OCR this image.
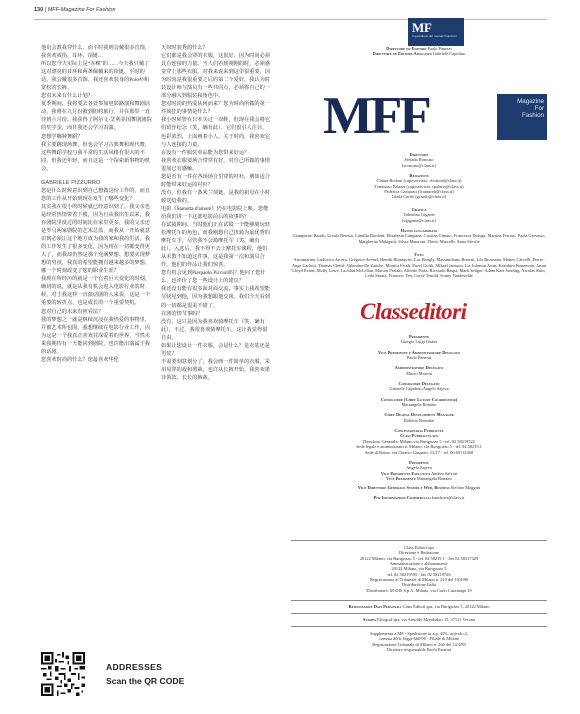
130 | MFF-Magazine For Fashion
MF
Il quotidiano dei mercati finanziari

他们会教我穿什么、而平时我则会戴很多首饰，我喜欢戒指、耳环、项链…

所以您今天实际上是“赤裸”的……今天我只戴了这对漂亮的耳环和两条佩戴来的项链。平时的话，我会戴很多首饰。我还喜欢装身的Polo衫和宽松的长裤。

您对未来有什么计划？

夏季期间，我将要去各处参加电影路演和舞剧活动，我将在九月份被到纽约旅行，并在那里一直待到六月份。我获得了阿尔文·艾利美国舞剧剧院的奖学金，而且我还会学习表演。

您想学哪种舞蹈？

我主要跳现场舞，但也会学习古典舞和现代舞，这些舞蹈学校与我平常的生活风格有很大的不同，但我还年轻，而且这是一个探索新事物的机会。

GABRIELE PIZZURRO

您是什么时候意识到自己想做这份工作的，而且您的工作从开始到现在发生了哪些变化？

其实我在很小的时候就已经意识到了，我父亲也是经常热情带着下模，因为自从我出生以来，我在剧院里度过的时间比在家里更多，我的父亲还是罗马两家剧院的艺术总监，而我从一开始就意识到必须让这个地方成为我的家和我的生活。我的工作发生了很多变化，因为现在一切都变得更大了，而我却仍然是那个充满梦想、想要实现梦想的男孩，我真的希望能拥有越来越多的梦想。

哪一个时刻改变了您的职业生涯？

我现在所经历的就是一个有着巨大变化的时刻，确切的说，就是从我有机会进入电影行业的时候，对于我这样一直演话剧的人来说，这是一个重要的转折点，也是成长的一个重要契机。

您对自己的未来有何看法？

我的梦想之一就是继续沉浸在我热爱的事物里，并被艺术所包围。我想继续在电影行业工作，因为这是一个我真正喜欢并深爱着的世界，当然未来我期待有一天能回到剧院，也许能出演属于我的话剧。

您喜欢时尚的什么？您最喜欢华伦

天奴时装秀的什么？

它们都是我会穿的衣服，这很好，因为时尚必须具有连接的力量。当人们看到刚刚的时，必须感觉穿上那些衣服。对我来说来到这里很重要，因为时尚是我很重要之后的第二个爱好，我认为时装设计师与演员有一些共同点，必须将自己的一部分融入到服装和角色中。

您对时尚的热爱从何而来？您为时尚所做的第一件疯狂的事情是什么？

我小时候曾在日本买过一双鞋，但现在我会将它们留作纪念（笑，确有此）。它们很引人注目，色彩浓烈，上面画着小人。关于时尚，我喜欢它与人连接的力量。

在没有一件服装单品能为您带来好运？

我喜欢衣服要场合带穿有好，对自己所做的事情很加已有感触。

您是否有一件在各场场合里穿的衬衫，例如适合时能带来好运的衬衫？

没有，但我有一条米兰项链，是我的祖母在小时候送给我的。

电影《Stanotta d'amore》仍在电影院上映。您能给我们讲一下这部电影前后的故事吗？

在试镜期间，当时他们正在试镜一个能够骑玩轻松摩托车的角色，而我刚想自己扭骑为最优秀的摩托车手，尽管我不会骑摩托车（笑，确有此）。入选后，我不得不去上摩托车课程，他们从未教不知道这件事，这是我第一次和演员合作，他们的作品让我们惊喜。

您有机会见到Pierpaolo Piccioli吗？他问了您什么，也评价了您一些设计上的建议？

我还没有能有很多面对面交流，事实上我希望能尽快见到他，因为我想跟他交谈。我们今天看到的一切都是很美不错了。

在剧的情节事吗？

没有，这只是因为我喜欢骑摩托车（笑，确有此）。不过，我很喜欢骑摩托车，这让我觉得很自由。

如果让您设计一件衣服，会是什么？是衣装还是男装？

不需要刻意划分了，我会画一件简单的衣服，采用易穿的戏和剪裁，也许从长裤开始。我喜欢墨菲领款、长长的裤裁。

ADDRESSES
Scan the QR CODE
Direttore ed Editore Paolo Panerai
Direttore ed Editore Associato Gabriele Capolino
MFF	Magazine
For
Fashion
Direttore
Stefano Roncato
(sroncato@class.it)
Redazione
Chiara Bottoni (caposervizio, cbottoni@class.it)
Tommaso Palazzi (caposervizio, tpalazzi@class.it)
Federica Camurati (fcamurati@class.it)
Giada Cardo (gcardo@class.it)
Grafica
Valentina Gigante
(vgigante@class.it)
Hanno collaborato
Giampietro Baudo, Ursula Beretta, Camilla Bordoni, Elisabetta Campana, Cristina Cimato, Francesca Delogu, Martina Ferraro, Paola Gervasio, Margherita Malagutti, Silvia Manzoni, Flavio Marcelli, Anna Servile
Foto
Astramarina, Ludovica Arcero, Grégoire Avenel, Henrik Blomqvist, Luc Boegly, Massimiliano Bonetti, Léa Brousean, Matteo Carcelli, Pierre-Ange Carlotti, Thomas Chéné, Valentina De Zanche, Monica Feudi, Pavel Golik, Mikael Jansson, Liz Johnson Artur, Kazuhiro Kanemoto, Jason Lloyd Evans, Molly Lowe, Lachlan McLellan, Marion Perlaki, Alfredo Piola, Riccardo Raspa, Mark Seliger, Adam Katz Sinding, Nicolas Sisto, Leila Smara, Francesc Ten, Corey Tenold, Sonny Vandevelde
Classeditori
Presidente
Giorgio Luigi Guatri
Vice Presidente e Amministratore Delegato
Paolo Panerai
Amministratore Delegato
Marco Moroni
Consigliere Delegato
Gabriele Capolino,Angelo Sajeva
Consigliere (Chief Luxury Coordinator)
Mariangela Bonatto
Chief Digital Development Manager
Roberto Bernabò
Concessionaria Pubblicità
Class Pubblicità spa
Direzione Generale: Milano,via Burigozzo 5 - tel. 02 58219522
Sede legale e amministrativa: Milano, via Burigozzo 5 - tel. 02.58219.1
Sede di Roma: via Ottavio Gasparri, 13/17 - tel. 06.69112368
Presidente
Angelo Sajeva
Vice Presidente Esecutivo Andrea Salvati
Vice Presidente Mariangela Bonatto
Vice Direttore Generale Stampa e Web, Business Stefano Maggini
Per Informazioni Commerciali kanchieri@class.it
Class Editori spa
Direzione e Redazione
20122 Milano, via Burigozzo 5 - tel. 02 58219.1 - fax 02 58317429
Amministrazione e abbonamenti:
20122 Milano, via Burigozzo 5
tel. 02 58219595 - fax 02 58219726
Registrazione al Tribunale di Milano n. 210 del 19/4/86
Distribuzione Italia
Distributore: M-DIS S.p.A. Milano, via Carlo Cazzaniga 19
Responsabile Dati Personali Class Editori spa, via Burigozzo 5, 20122 Milano
Stampa Elcograf spa, via Arnoldo Mondadori 15, 37131 Verona
Supplemento a MF - Spedizione in a.p. 45%, articolo 2,
comma 20/b, legge 662/96 - Filiale di Milano
Registrazione Tribunale di Milano n. 266 del 14/4/89
Direttore responsabile Paolo Panerai
